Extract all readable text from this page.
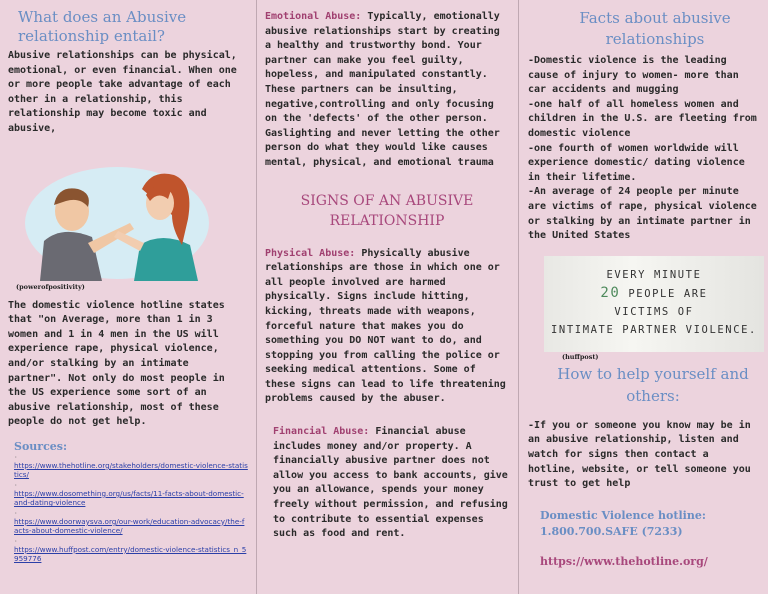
What does an Abusive relationship entail?

Abusive relationships can be physical, emotional, or even financial. When one or more people take advantage of each other in a relationship, this relationship may become toxic and abusive,

(powerofpositivity)

The domestic violence hotline states that "on Average, more than 1 in 3 women and 1 in 4 men in the US will experience rape, physical violence, and/or stalking by an intimate partner". Not only do most people in the US experience some sort of an abusive relationship, most of these people do not get help.

Sources:
·
https://www.thehotline.org/stakeholders/domestic-violence-statistics/
·
https://www.dosomething.org/us/facts/11-facts-about-domestic-and-dating-violence
·
https://www.doorwaysva.org/our-work/education-advocacy/the-facts-about-domestic-violence/
·
https://www.huffpost.com/entry/domestic-violence-statistics_n_5959776

Emotional Abuse: Typically, emotionally abusive relationships start by creating a healthy and trustworthy bond. Your partner can make you feel guilty, hopeless, and manipulated constantly. These partners can be insulting, negative,controlling and only focusing on the 'defects' of the other person. Gaslighting and never letting the other person do what they would like causes mental, physical, and emotional trauma

SIGNS OF AN ABUSIVE RELATIONSHIP

Physical Abuse: Physically abusive relationships are those in which one or all people involved are harmed physically. Signs include hitting, kicking, threats made with weapons, forceful nature that makes you do something you DO NOT want to do, and stopping you from calling the police or seeking medical attentions. Some of these signs can lead to life threatening problems caused by the abuser.

Financial Abuse: Financial abuse includes money and/or property. A financially abusive partner does not allow you access to bank accounts, give you an allowance, spends your money freely without permission, and refusing to contribute to essential expenses such as food and rent.

Facts about abusive relationships

-Domestic violence is the leading cause of injury to women- more than car accidents and mugging

-one half of all homeless women and children in the U.S. are fleeting from domestic violence

-one fourth of women worldwide will experience domestic/ dating violence in their lifetime.

-An average of 24 people per minute are victims of rape, physical violence or stalking by an intimate partner in the United States

EVERY MINUTE
20 PEOPLE ARE
VICTIMS OF
INTIMATE PARTNER VIOLENCE.
(huffpost)
How to help yourself and others:

-If you or someone you know may be in an abusive relationship, listen and watch for signs then contact a hotline, website, or tell someone you trust to get help

Domestic Violence hotline:
1.800.700.SAFE (7233)
https://www.thehotline.org/
